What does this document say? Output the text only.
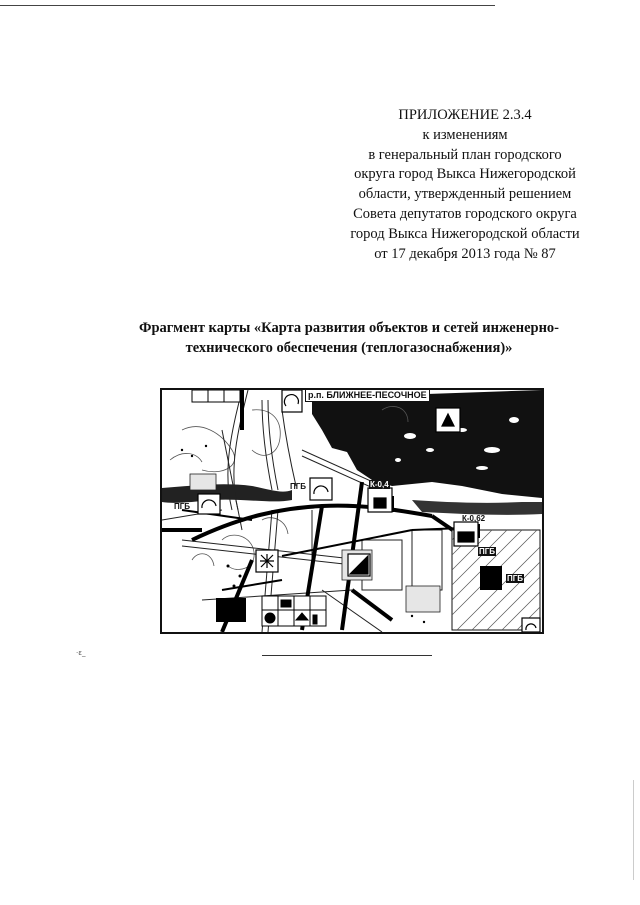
ПРИЛОЖЕНИЕ 2.3.4
к изменениям
в генеральный план городского
округа город Выкса Нижегородской
области, утвержденный решением
Совета депутатов городского округа
город Выкса Нижегородской области
от 17 декабря 2013 года № 87
Фрагмент карты «Карта развития объектов и сетей инженерно-
технического обеспечения (теплогазоснабжения)»
р.п. БЛИЖНЕЕ-ПЕСОЧНОЕ
ПГБ
ПГБ
ПГБ
ПГБ
К-0,4
К-0,62
·ɛ_
